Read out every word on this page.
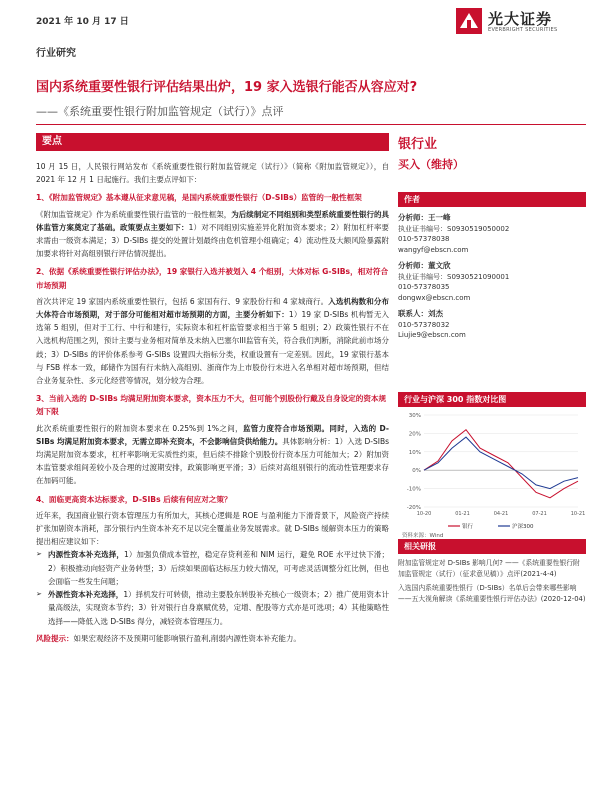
2021 年 10 月 17 日	光大证券
EVERBRIGHT SECURITIES
行业研究
国内系统重要性银行评估结果出炉，19 家入选银行能否从容应对?
——《系统重要性银行附加监管规定（试行）》点评
要点
10 月 15 日，人民银行网站发布《系统重要性银行附加监管规定（试行）》（简称《附加监管规定》），自 2021 年 12 月 1 日起施行。我们主要点评如下：
1、《附加监管规定》基本遵从征求意见稿，是国内系统重要性银行（D-SIBs）监管的一般性框架
《附加监管规定》作为系统重要性银行监管的一般性框架，为后续制定不同组别和类型系统重要性银行的具体监管方案奠定了基础。政策要点主要如下：1）对不同组别实施差异化附加资本要求；2）附加杠杆率要求需由一级资本满足；3）D-SIBs 提交的处置计划最终由危机管理小组确定；4）流动性及大额风险暴露附加要求将针对高组别银行评估情况提出。
2、依据《系统重要性银行评估办法》，19 家银行入选并被划入 4 个组别，大体对标 G-SIBs，相对符合市场预期
首次共评定 19 家国内系统重要性银行，包括 6 家国有行、9 家股份行和 4 家城商行。入选机构数和分布大体符合市场预期，对于部分可能相对超市场预期的方面，主要分析如下：1）19 家 D-SIBs 机构暂无入选第 5 组别，但对于工行、中行和建行，实际资本和杠杆监管要求相当于第 5 组别；2）政策性银行不在入选机构范围之列，预计主要与业务相对简单及未纳入巴塞尔III监管有关，符合我们判断，消除此前市场分歧；3）D-SIBs 的评价体系参考 G-SIBs 设置四大指标分类，权重设置有一定差别。因此，19 家银行基本与 FSB 样本一致，邮储作为国有行未纳入高组别、浙商作为上市股份行未进入名单相对超市场预期，但结合业务复杂性、多元化经营等情况，划分较为合理。
3、当前入选的 D-SIBs 均满足附加资本要求，资本压力不大，但可能个别股份行戴及自身设定的资本规划下限
此次系统重要性银行的附加资本要求在 0.25%到 1%之间，监管力度符合市场预期。同时，入选的 D-SIBs 均满足附加资本要求，无需立即补充资本，不会影响信贷供给能力。具体影响分析：1）入选 D-SIBs 均满足附加资本要求，杠杆率影响无实质性约束，但后续不排除个别股份行资本压力可能加大；2）附加资本监管要求组间差较小及合理的过渡期安排，政策影响更平滑；3）后续对高组别银行的流动性管理要求存在加码可能。
4、面临更高资本达标要求，D-SIBs 后续有何应对之策？
近年来，我国商业银行资本管理压力有所加大，其核心逻辑是 ROE 与盈利能力下滑背景下，风险资产持续扩张加剧资本消耗，部分银行内生资本补充不足以完全覆盖业务发展需求。就 D-SIBs 缓解资本压力的策略提出相应建议如下：
➢ 内源性资本补充选择，1）加强负债成本管控，稳定存贷利差和 NIM 运行，避免 ROE 水平过快下滑；2）积极推动向轻资产业务转型；3）后续如果面临达标压力较大情况，可考虑灵活调整分红比例，但也会面临一些发生问题；
➢ 外源性资本补充选择，1）择机发行可转债，推动主要股东转股补充核心一级资本；2）推广使用资本计量高级法，实现资本节约；3）针对银行自身禀赋优势，定增、配股等方式亦是可选项；4）其他策略性选择——降低入选 D-SIBs 得分，减轻资本管理压力。
风险提示：如果宏观经济不及预期可能影响银行盈利,削弱内源性资本补充能力。
银行业
买入（维持）
作者
分析师：王一峰
执业证书编号：S0930519050002
010-57378038
wangyf@ebscn.com
分析师：董文欣
执业证书编号：S0930521090001
010-57378035
dongwx@ebscn.com
联系人：刘杰
010-57378032
Liujie9@ebscn.com
行业与沪深 300 指数对比图
30%
20%
10%
0%
-10%
-20%
10-20	01-21	04-21	07-21	10-21
银行	沪深300
资料来源：Wind
相关研报
附加监管规定对 D-SIBs 影响几何? ——《系统重要性银行附加监管规定（试行）（征求意见稿）》点评(2021-4-4)
入选国内系统重要性银行（D-SIBs）名单后会带来哪些影响——五大视角解读《系统重要性银行评估办法》(2020-12-04)
